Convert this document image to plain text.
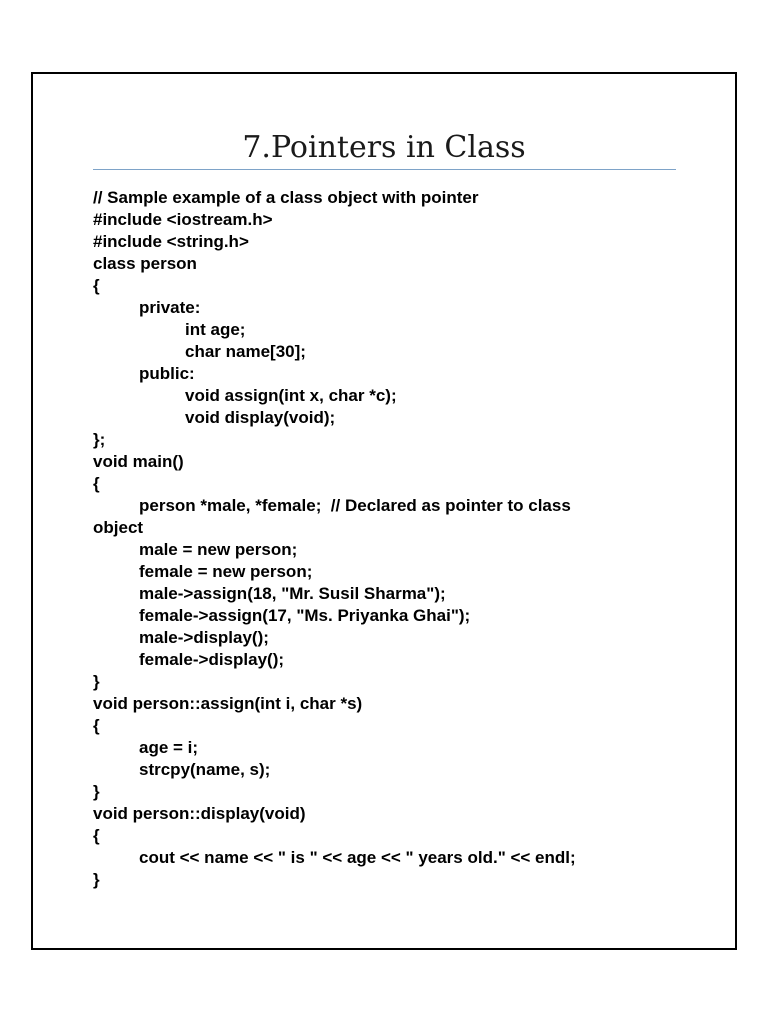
7.Pointers in Class
// Sample example of a class object with pointer
#include <iostream.h>
#include <string.h>
class person
{
private:
int age;
char name[30];
public:
void assign(int x, char *c);
void display(void);
};
void main()
{
person *male, *female;  // Declared as pointer to class
object
male = new person;
female = new person;
male->assign(18, "Mr. Susil Sharma");
female->assign(17, "Ms. Priyanka Ghai");
male->display();
female->display();
}
void person::assign(int i, char *s)
{
age = i;
strcpy(name, s);
}
void person::display(void)
{
cout << name << " is " << age << " years old." << endl;
}
